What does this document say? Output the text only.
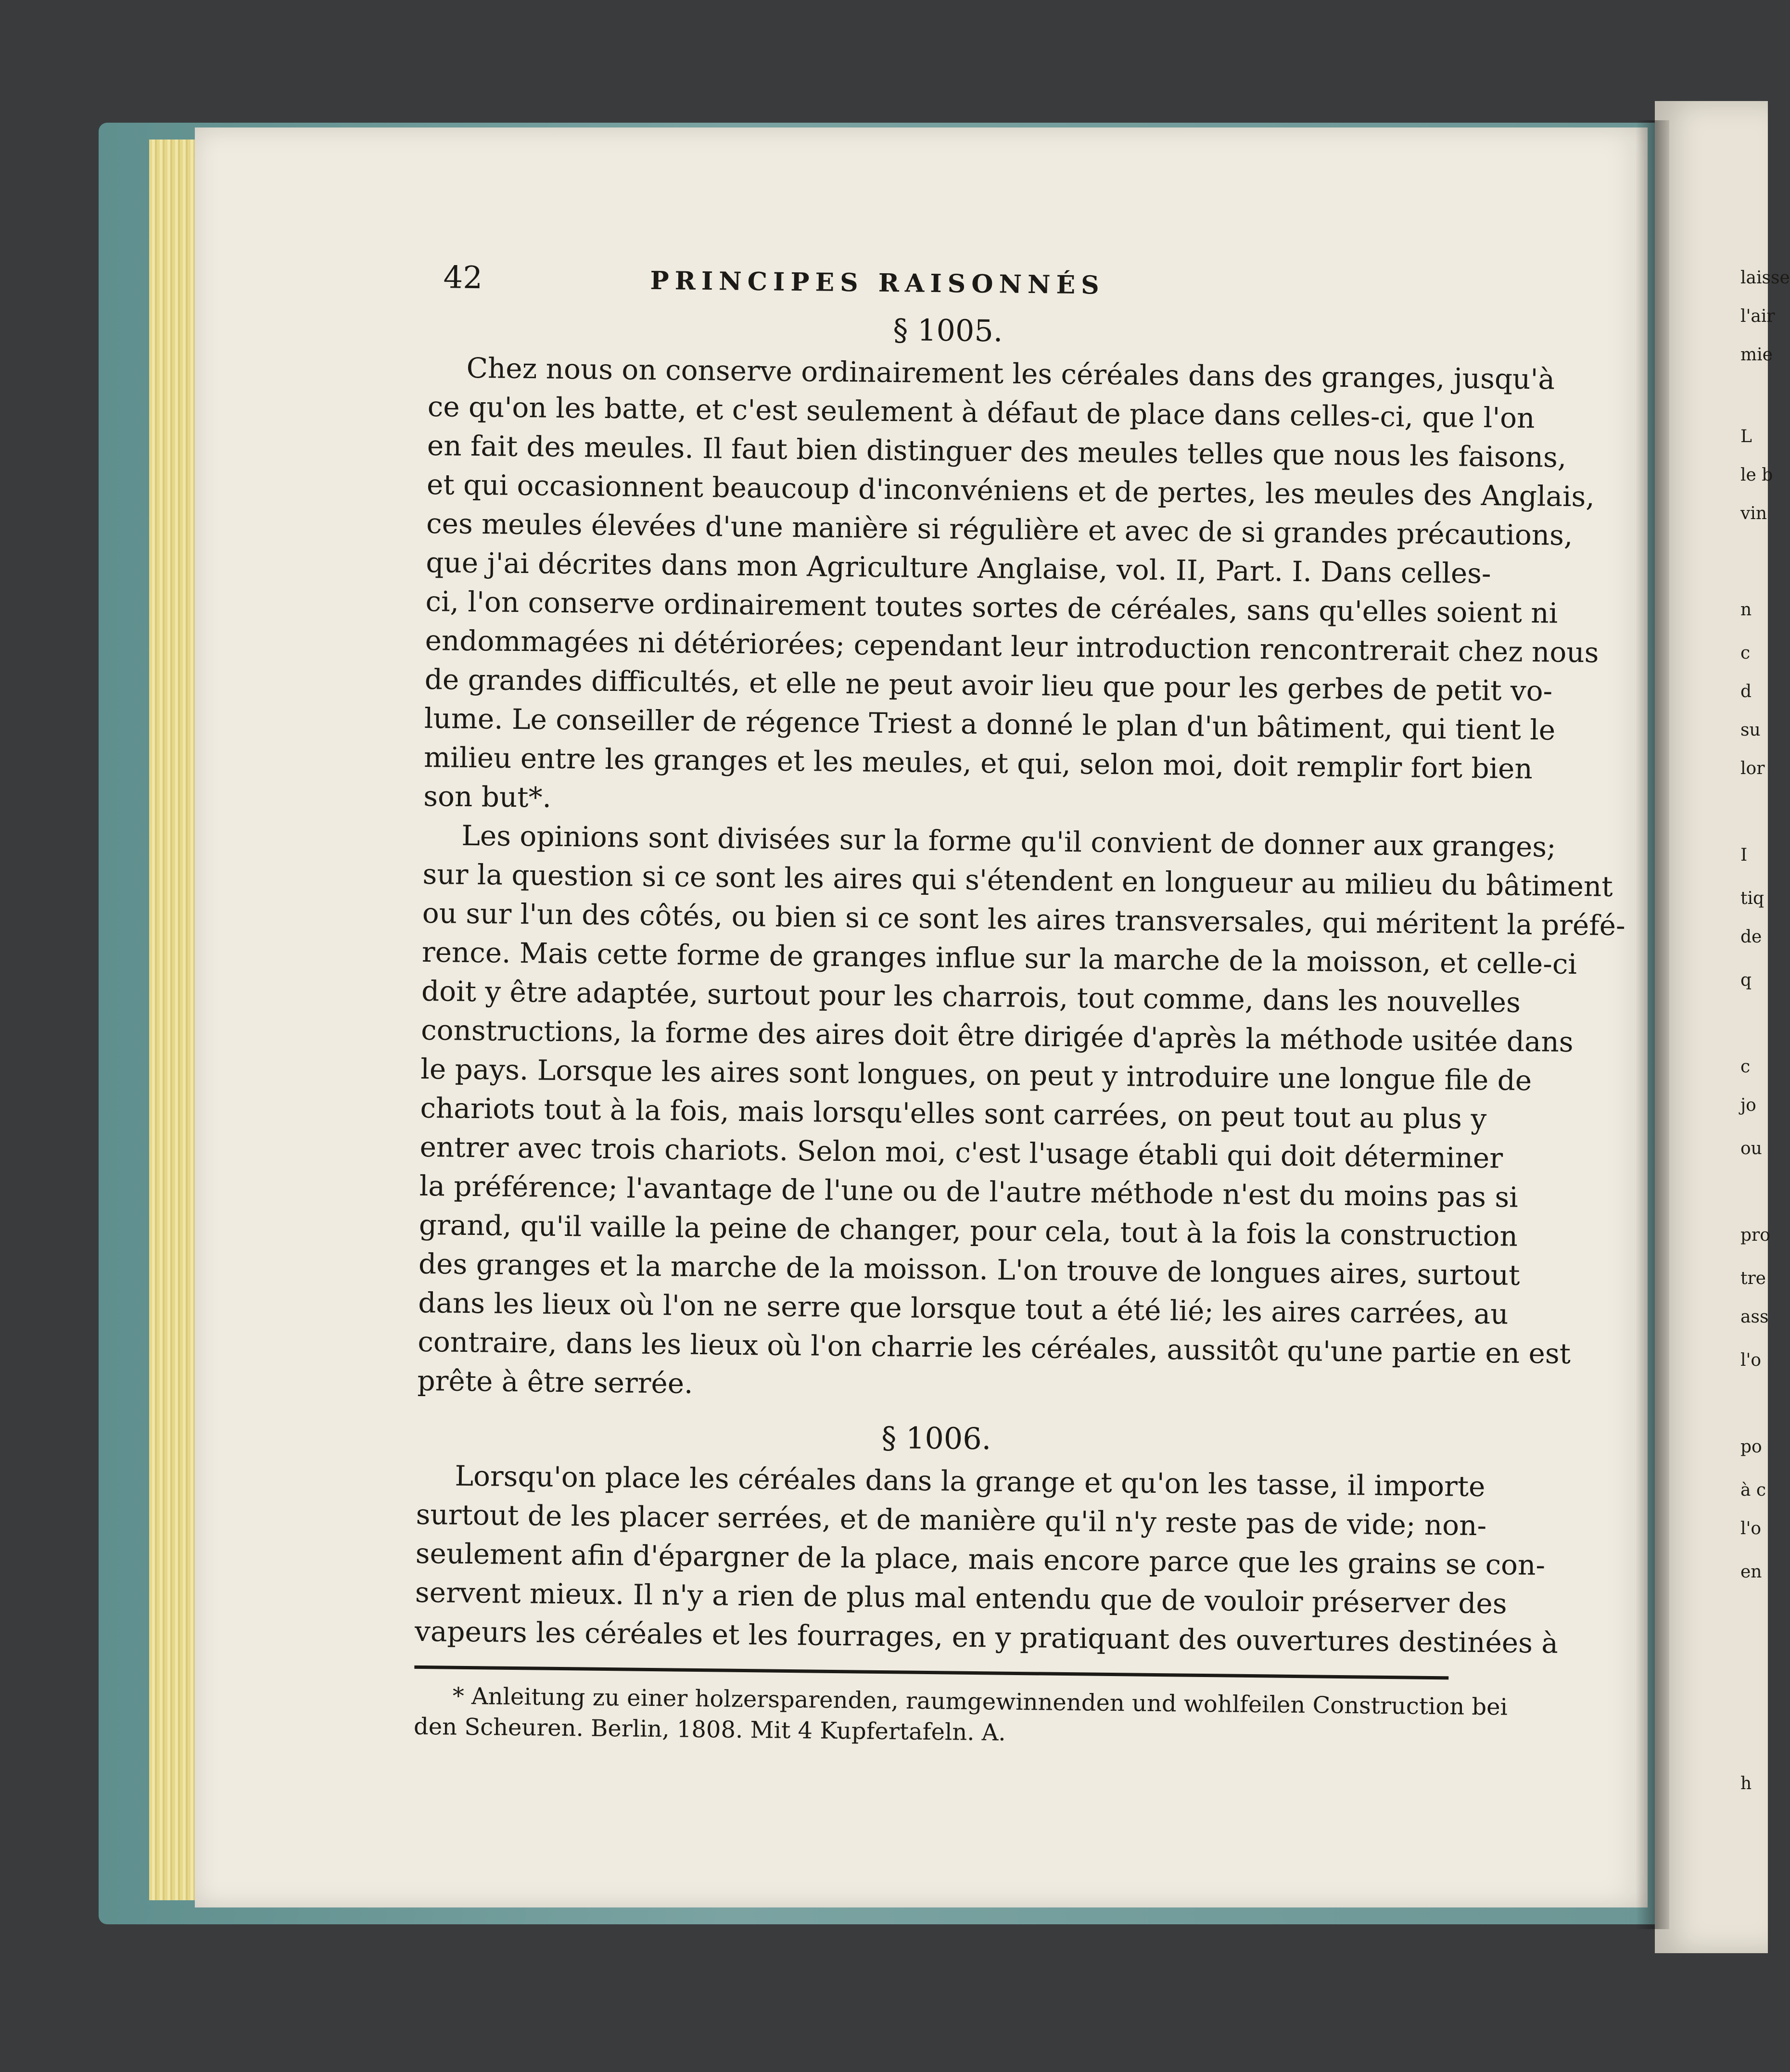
laisse
l'air
mie
L
le b
vin
n
c
d
su
lor
I
tiq
de
q
c
jo
ou
pro
tre
ass
l'o
po
à c
l'o
en
h
42	PRINCIPES RAISONNÉS
§ 1005.
Chez nous on conserve ordinairement les céréales dans des granges, jusqu'à
ce qu'on les batte, et c'est seulement à défaut de place dans celles-ci, que l'on
en fait des meules. Il faut bien distinguer des meules telles que nous les faisons,
et qui occasionnent beaucoup d'inconvéniens et de pertes, les meules des Anglais,
ces meules élevées d'une manière si régulière et avec de si grandes précautions,
que j'ai décrites dans mon Agriculture Anglaise, vol. II, Part. I. Dans celles-
ci, l'on conserve ordinairement toutes sortes de céréales, sans qu'elles soient ni
endommagées ni détériorées; cependant leur introduction rencontrerait chez nous
de grandes difficultés, et elle ne peut avoir lieu que pour les gerbes de petit vo-
lume. Le conseiller de régence Triest a donné le plan d'un bâtiment, qui tient le
milieu entre les granges et les meules, et qui, selon moi, doit remplir fort bien
son but*.
Les opinions sont divisées sur la forme qu'il convient de donner aux granges;
sur la question si ce sont les aires qui s'étendent en longueur au milieu du bâtiment
ou sur l'un des côtés, ou bien si ce sont les aires transversales, qui méritent la préfé-
rence. Mais cette forme de granges influe sur la marche de la moisson, et celle-ci
doit y être adaptée, surtout pour les charrois, tout comme, dans les nouvelles
constructions, la forme des aires doit être dirigée d'après la méthode usitée dans
le pays. Lorsque les aires sont longues, on peut y introduire une longue file de
chariots tout à la fois, mais lorsqu'elles sont carrées, on peut tout au plus y
entrer avec trois chariots. Selon moi, c'est l'usage établi qui doit déterminer
la préférence; l'avantage de l'une ou de l'autre méthode n'est du moins pas si
grand, qu'il vaille la peine de changer, pour cela, tout à la fois la construction
des granges et la marche de la moisson. L'on trouve de longues aires, surtout
dans les lieux où l'on ne serre que lorsque tout a été lié; les aires carrées, au
contraire, dans les lieux où l'on charrie les céréales, aussitôt qu'une partie en est
prête à être serrée.
§ 1006.
Lorsqu'on place les céréales dans la grange et qu'on les tasse, il importe
surtout de les placer serrées, et de manière qu'il n'y reste pas de vide; non-
seulement afin d'épargner de la place, mais encore parce que les grains se con-
servent mieux. Il n'y a rien de plus mal entendu que de vouloir préserver des
vapeurs les céréales et les fourrages, en y pratiquant des ouvertures destinées à
* Anleitung zu einer holzersparenden, raumgewinnenden und wohlfeilen Construction bei
den Scheuren. Berlin, 1808. Mit 4 Kupfertafeln. A.
